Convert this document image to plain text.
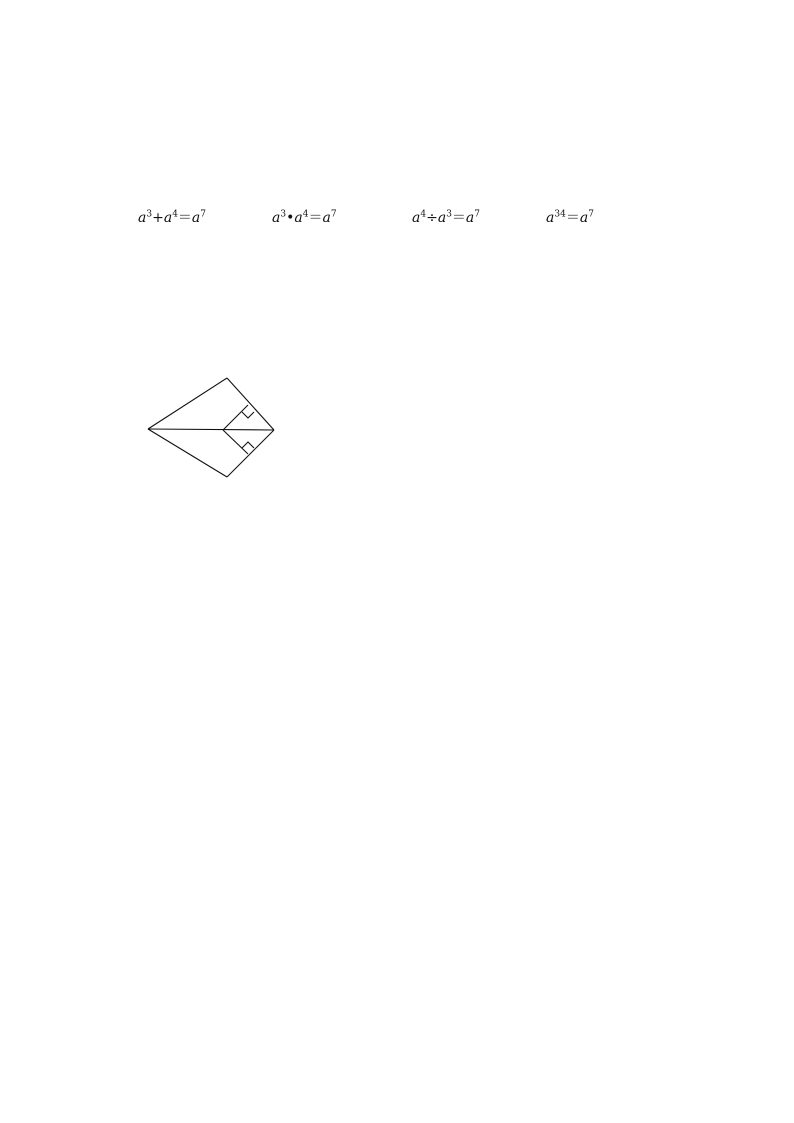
$a^3+a^4=a^7$	$a^3•a^4=a^7$	$a^4\div a^3=a^7$	$a^{34}=a^7$
